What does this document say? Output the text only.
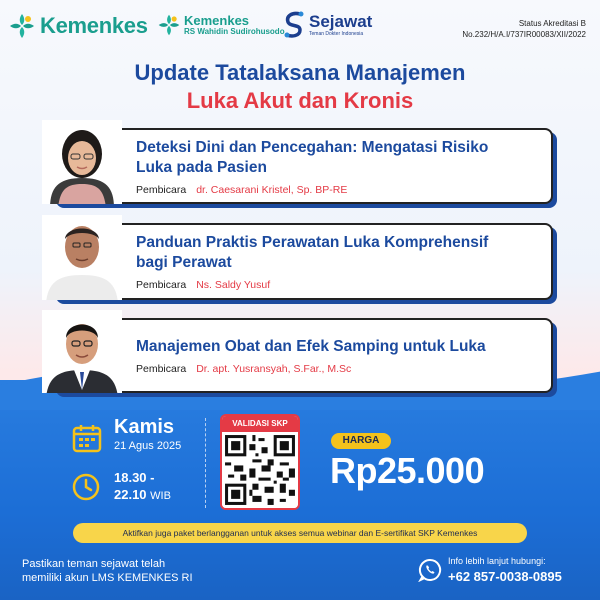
Kemenkes	Kemenkes
RS Wahidin Sudirohusodo
Sejawat
Teman Dokter Indonesia
Status Akreditasi B
No.232/H/A.I/737IR00083/XII/2022
Update Tatalaksana Manajemen
Luka Akut dan Kronis
Deteksi Dini dan Pencegahan: Mengatasi Risiko
Luka pada Pasien
Pembicara dr. Caesarani Kristel, Sp. BP-RE
Panduan Praktis Perawatan Luka Komprehensif
bagi Perawat
Pembicara Ns. Saldy Yusuf
Manajemen Obat dan Efek Samping untuk Luka
Pembicara Dr. apt. Yusransyah, S.Far., M.Sc
Kamis
21 Agus 2025
18.30 -
22.10 WIB
VALIDASI SKP
HARGA
Rp25.000
Aktifkan juga paket berlangganan untuk akses semua webinar dan E-sertifikat SKP Kemenkes
Pastikan teman sejawat telah
memiliki akun LMS KEMENKES RI
Info lebih lanjut hubungi:
+62 857-0038-0895
